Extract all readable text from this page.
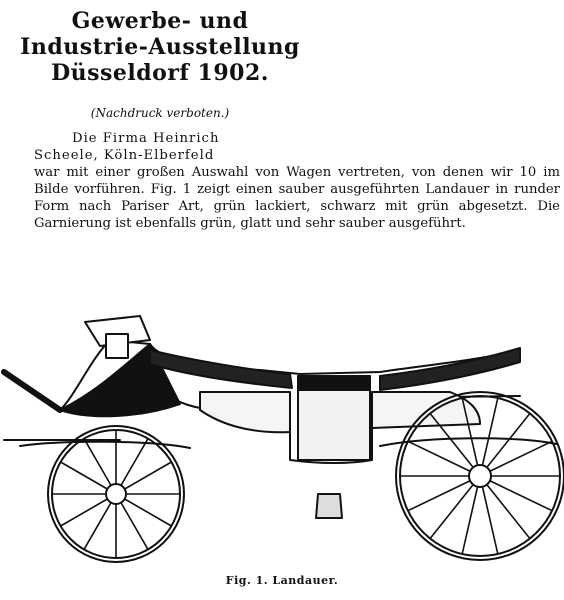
Gewerbe- und
Industrie-Ausstellung
Düsseldorf 1902.
(Nachdruck verboten.)
Die Firma Heinrich
Scheele, Köln-Elberfeld
war mit einer großen Auswahl von Wagen vertreten, von denen wir 10 im Bilde vorführen. Fig. 1 zeigt einen sauber ausgeführten Landauer in runder Form nach Pariser Art, grün lackiert, schwarz mit grün abgesetzt. Die Garnierung ist ebenfalls grün, glatt und sehr sauber ausgeführt.
Fig. 1. Landauer.
